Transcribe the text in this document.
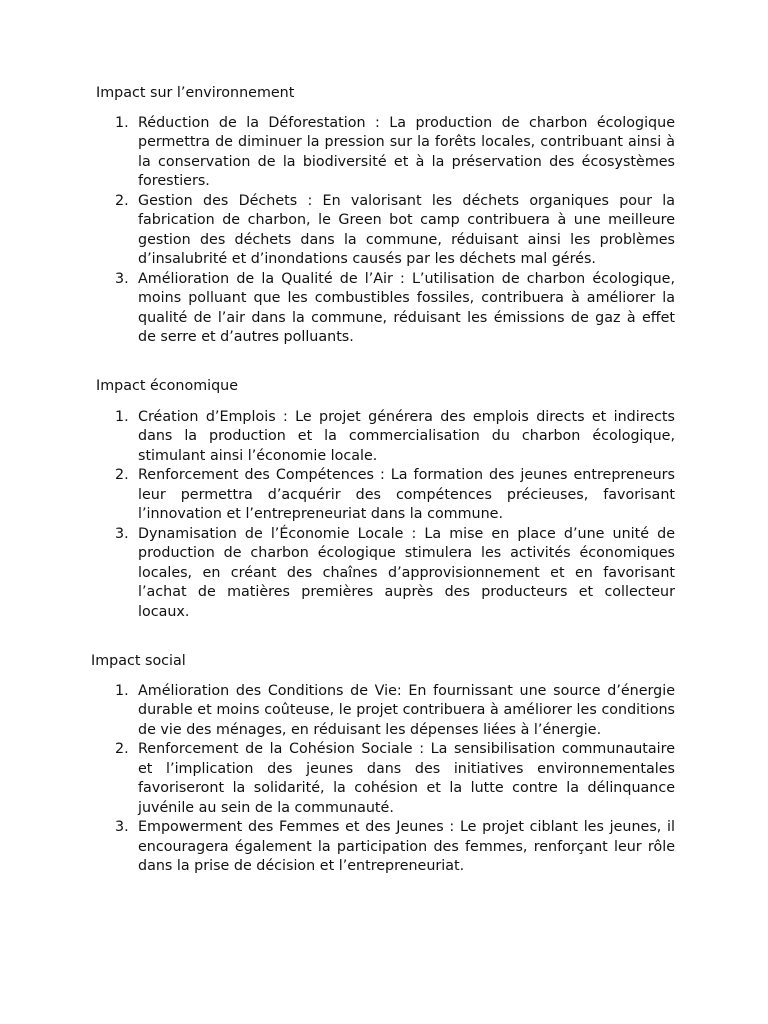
Impact sur l’environnement

1. Réduction de la Déforestation : La production de charbon écologique permettra de diminuer la pression sur la forêts locales, contribuant ainsi à la conservation de la biodiversité et à la préservation des écosystèmes forestiers.
2. Gestion des Déchets : En valorisant les déchets organiques pour la fabrication de charbon, le Green bot camp contribuera à une meilleure gestion des déchets dans la commune, réduisant ainsi les problèmes d’insalubrité et d’inondations causés par les déchets mal gérés.
3. Amélioration de la Qualité de l’Air : L’utilisation de charbon écologique, moins polluant que les combustibles fossiles, contribuera à améliorer la qualité de l’air dans la commune, réduisant les émissions de gaz à effet de serre et d’autres polluants.

Impact économique

1. Création d’Emplois : Le projet générera des emplois directs et indirects dans la production et la commercialisation du charbon écologique, stimulant ainsi l’économie locale.
2. Renforcement des Compétences : La formation des jeunes entrepreneurs leur permettra d’acquérir des compétences précieuses, favorisant l’innovation et l’entrepreneuriat dans la commune.
3. Dynamisation de l’Économie Locale : La mise en place d’une unité de production de charbon écologique stimulera les activités économiques locales, en créant des chaînes d’approvisionnement et en favorisant l’achat de matières premières auprès des producteurs et collecteur locaux.

Impact social

1. Amélioration des Conditions de Vie: En fournissant une source d’énergie durable et moins coûteuse, le projet contribuera à améliorer les conditions de vie des ménages, en réduisant les dépenses liées à l’énergie.
2. Renforcement de la Cohésion Sociale : La sensibilisation communautaire et l’implication des jeunes dans des initiatives environnementales favoriseront la solidarité, la cohésion et la lutte contre la délinquance juvénile au sein de la communauté.
3. Empowerment des Femmes et des Jeunes : Le projet ciblant les jeunes, il encouragera également la participation des femmes, renforçant leur rôle dans la prise de décision et l’entrepreneuriat.
